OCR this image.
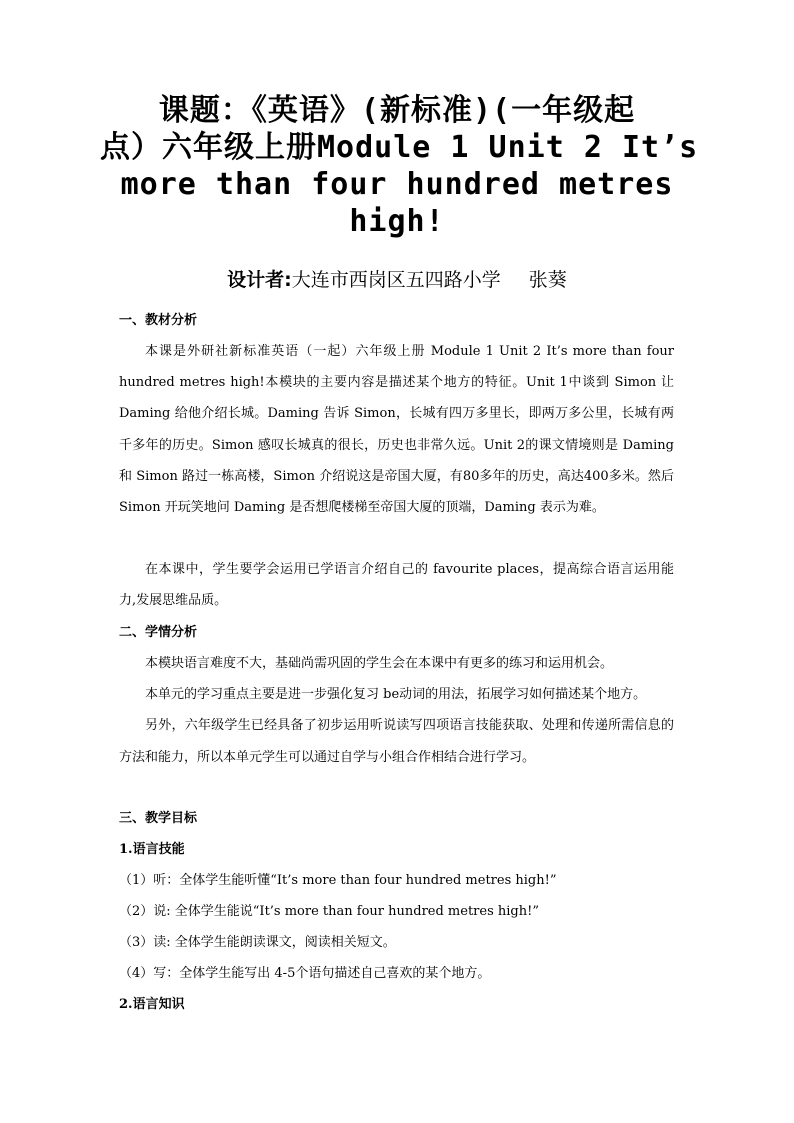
课题：《英语》(新标准)(一年级起
点）六年级上册Module 1 Unit 2 It’s
more than four hundred metres
high!
设计者:大连市西岗区五四路小学 张葵
一、教材分析

本课是外研社新标准英语（一起）六年级上册 Module 1 Unit 2 It’s more than four hundred metres high!本模块的主要内容是描述某个地方的特征。Unit 1中谈到 Simon 让 Daming 给他介绍长城。Daming 告诉 Simon，长城有四万多里长，即两万多公里，长城有两千多年的历史。Simon 感叹长城真的很长，历史也非常久远。Unit 2的课文情境则是 Daming 和 Simon 路过一栋高楼，Simon 介绍说这是帝国大厦，有80多年的历史，高达400多米。然后 Simon 开玩笑地问 Daming 是否想爬楼梯至帝国大厦的顶端，Daming 表示为难。

在本课中，学生要学会运用已学语言介绍自己的 favourite places，提高综合语言运用能力,发展思维品质。

二、学情分析

本模块语言难度不大，基础尚需巩固的学生会在本课中有更多的练习和运用机会。

本单元的学习重点主要是进一步强化复习 be动词的用法，拓展学习如何描述某个地方。

另外，六年级学生已经具备了初步运用听说读写四项语言技能获取、处理和传递所需信息的方法和能力，所以本单元学生可以通过自学与小组合作相结合进行学习。

三、教学目标
1.语言技能
（1）听：全体学生能听懂“It’s more than four hundred metres high!”
（2）说: 全体学生能说“It’s more than four hundred metres high!”
（3）读: 全体学生能朗读课文，阅读相关短文。
（4）写：全体学生能写出 4-5个语句描述自己喜欢的某个地方。
2.语言知识
